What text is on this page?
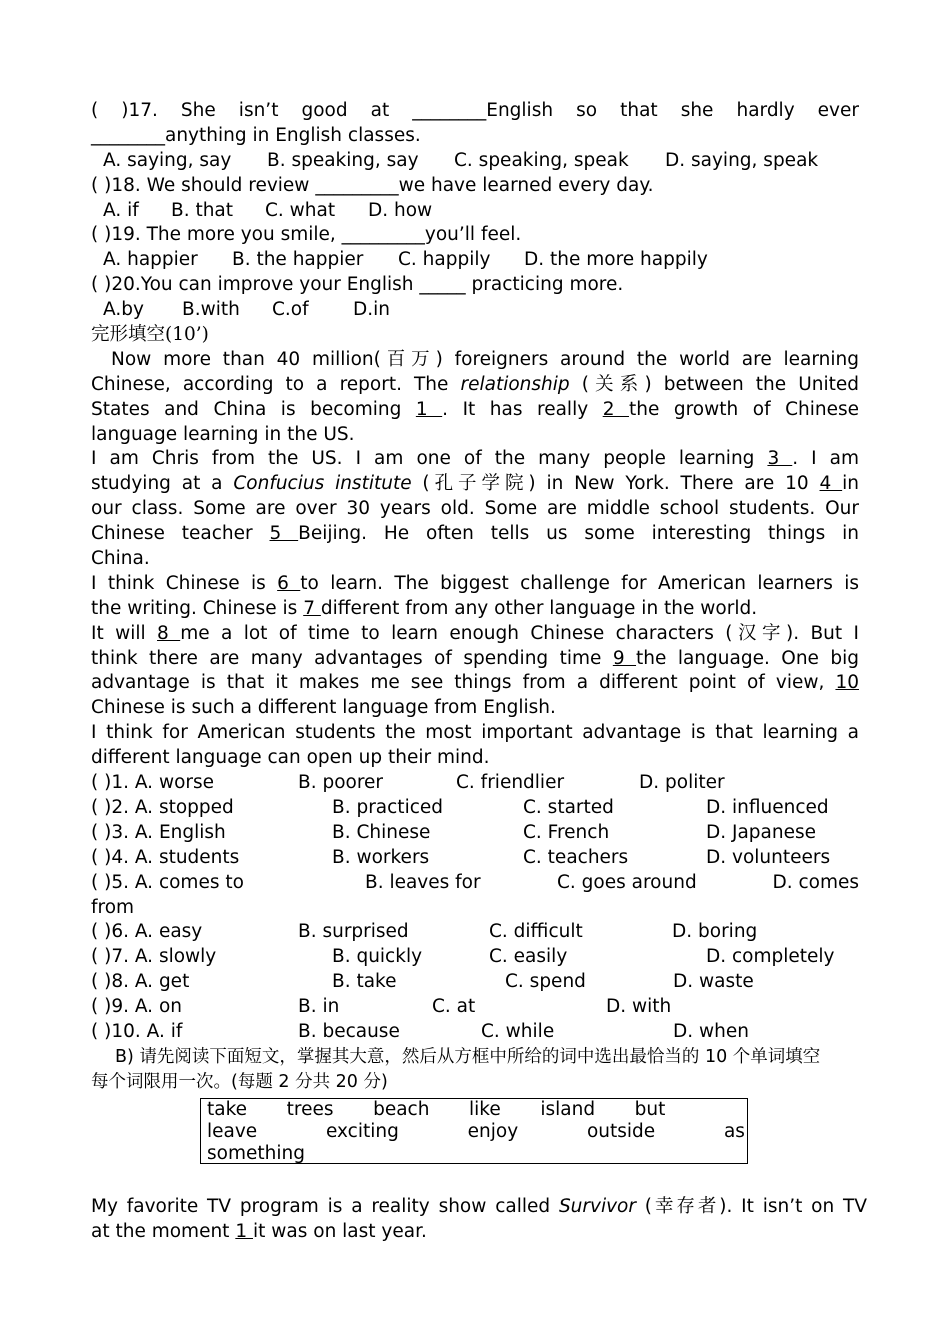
( )17. She isn’t good at ________English so that she hardly ever
________anything in English classes.
A. saying, say	B. speaking, say	C. speaking, speak	D. saying, speak
( )18. We should review _________we have learned every day.
A. if	B. that	C. what	D. how
( )19. The more you smile, _________you’ll feel.
A. happier	B. the happier	C. happily	D. the more happily
( )20.You can improve your English _____ practicing more.
A.by	B.with	C.of	D.in
完形填空(10’)
Now more than 40 million(百万) foreigners around the world are learning
Chinese, according to a report. The relationship (关系) between the United
States and China is becoming 1 . It has really 2 the growth of Chinese
language learning in the US.
I am Chris from the US. I am one of the many people learning 3 . I am
studying at a Confucius institute (孔子学院) in New York. There are 10 4 in
our class. Some are over 30 years old. Some are middle school students. Our
Chinese teacher 5 Beijing. He often tells us some interesting things in
China.
I think Chinese is 6 to learn. The biggest challenge for American learners is
the writing. Chinese is 7 different from any other language in the world.
It will 8 me a lot of time to learn enough Chinese characters (汉字). But I
think there are many advantages of spending time 9 the language. One big
advantage is that it makes me see things from a different point of view, 10
Chinese is such a different language from English.
I think for American students the most important advantage is that learning a
different language can open up their mind.
( )1. A. worse	B. poorer	C. friendlier	D. politer
( )2. A. stopped	B. practiced	C. started	D. influenced
( )3. A. English	B. Chinese	C. French	D. Japanese
( )4. A. students	B. workers	C. teachers	D. volunteers
( )5. A. comes to	B. leaves for	C. goes around	D. comes
from
( )6. A. easy	B. surprised	C. difficult	D. boring
( )7. A. slowly	B. quickly	C. easily	D. completely
( )8. A. get	B. take	C. spend	D. waste
( )9. A. on	B. in	C. at	D. with
( )10. A. if	B. because	C. while	D. when
B) 请先阅读下面短文，掌握其大意，然后从方框中所给的词中选出最恰当的 10 个单词填空
每个词限用一次。(每题 2 分共 20 分)
take trees beach like island but
leave	exciting	enjoy	outside	as
something
My favorite TV program is a reality show called Survivor (幸存者). It isn’t on TV
at the moment 1 it was on last year.
